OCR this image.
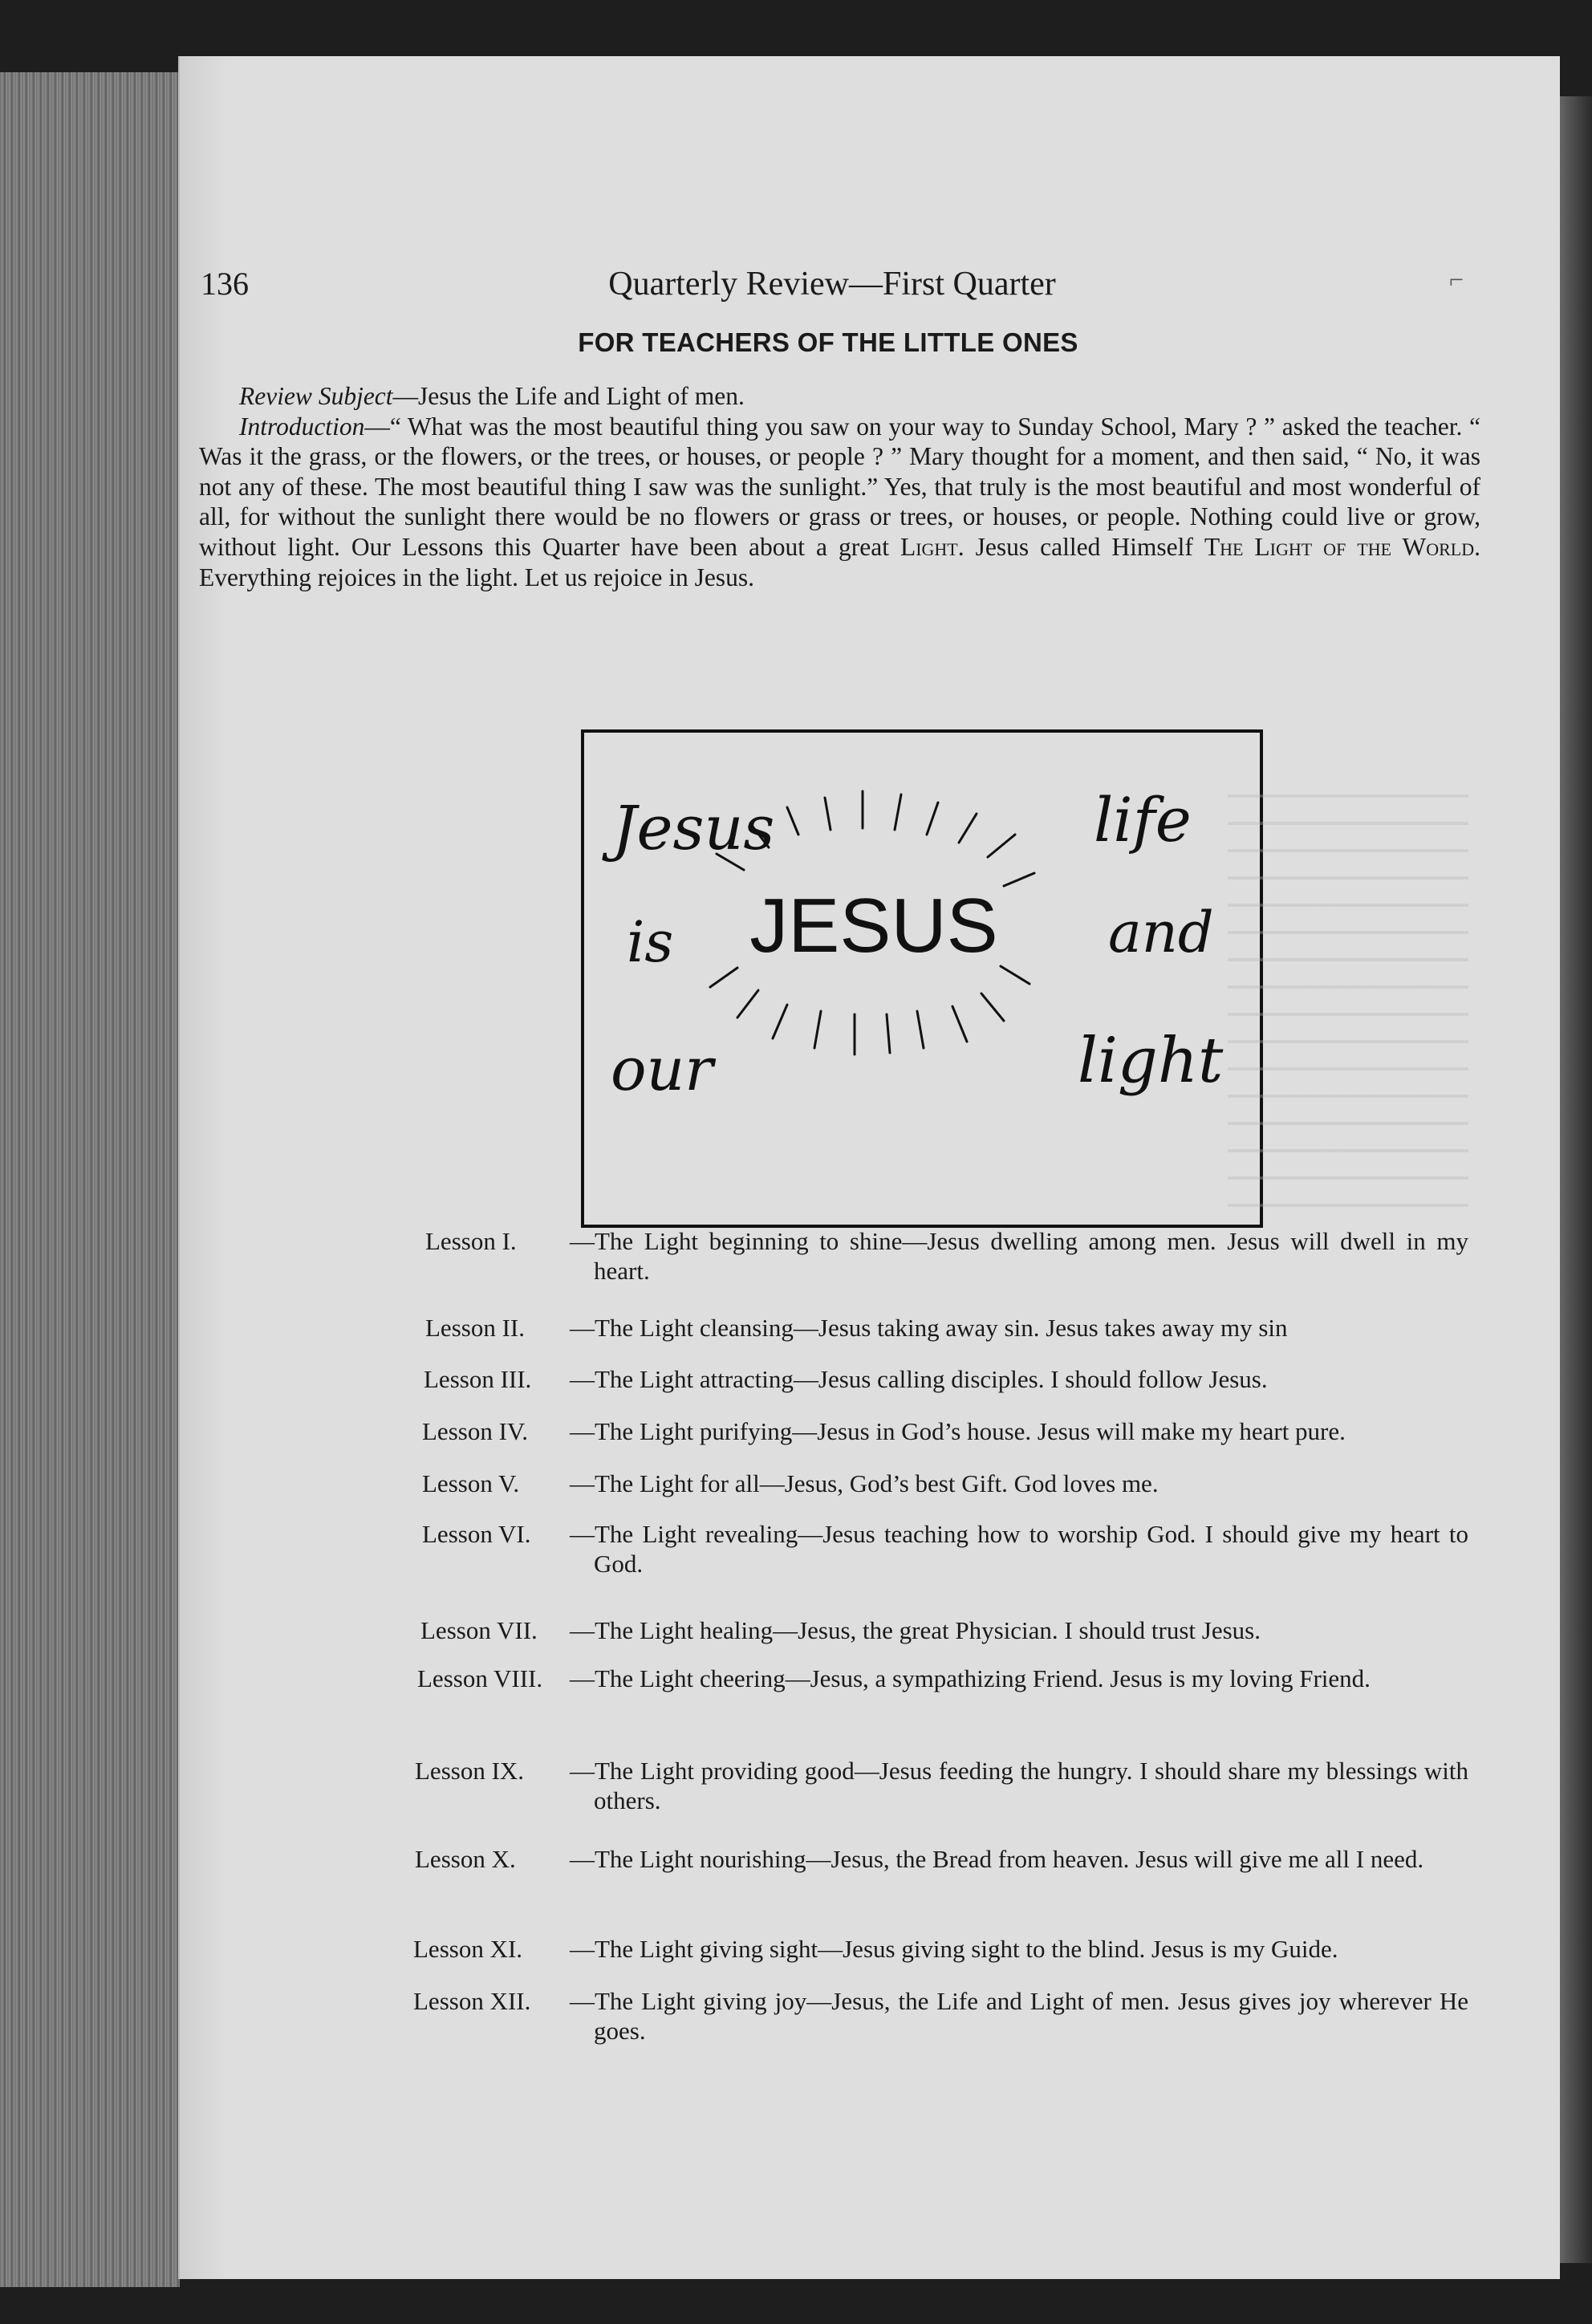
136	Quarterly Review—First Quarter	⌐
FOR TEACHERS OF THE LITTLE ONES

Review Subject—Jesus the Life and Light of men.

Introduction—“ What was the most beautiful thing you saw on your way to Sunday School, Mary ? ” asked the teacher. “ Was it the grass, or the flowers, or the trees, or houses, or people ? ” Mary thought for a moment, and then said, “ No, it was not any of these. The most beautiful thing I saw was the sunlight.” Yes, that truly is the most beautiful and most wonderful of all, for without the sunlight there would be no flowers or grass or trees, or houses, or people. Nothing could live or grow, without light. Our Lessons this Quarter have been about a great Light. Jesus called Himself The Light of the World. Everything rejoices in the light. Let us rejoice in Jesus.

JESUS
Jesus
is
our
life
and
light
Lesson I. —The Light beginning to shine—Jesus dwelling among men. Jesus will dwell in my heart.
Lesson II. —The Light cleansing—Jesus taking away sin. Jesus takes away my sin
Lesson III. —The Light attracting—Jesus calling disciples. I should follow Jesus.
Lesson IV. —The Light purifying—Jesus in God’s house. Jesus will make my heart pure.
Lesson V. —The Light for all—Jesus, God’s best Gift. God loves me.
Lesson VI. —The Light revealing—Jesus teaching how to worship God. I should give my heart to God.
Lesson VII. —The Light healing—Jesus, the great Physician. I should trust Jesus.
Lesson VIII. —The Light cheering—Jesus, a sympathizing Friend. Jesus is my loving Friend.
Lesson IX. —The Light providing good—Jesus feeding the hungry. I should share my blessings with others.
Lesson X. —The Light nourishing—Jesus, the Bread from heaven. Jesus will give me all I need.
Lesson XI. —The Light giving sight—Jesus giving sight to the blind. Jesus is my Guide.
Lesson XII. —The Light giving joy—Jesus, the Life and Light of men. Jesus gives joy wherever He goes.
